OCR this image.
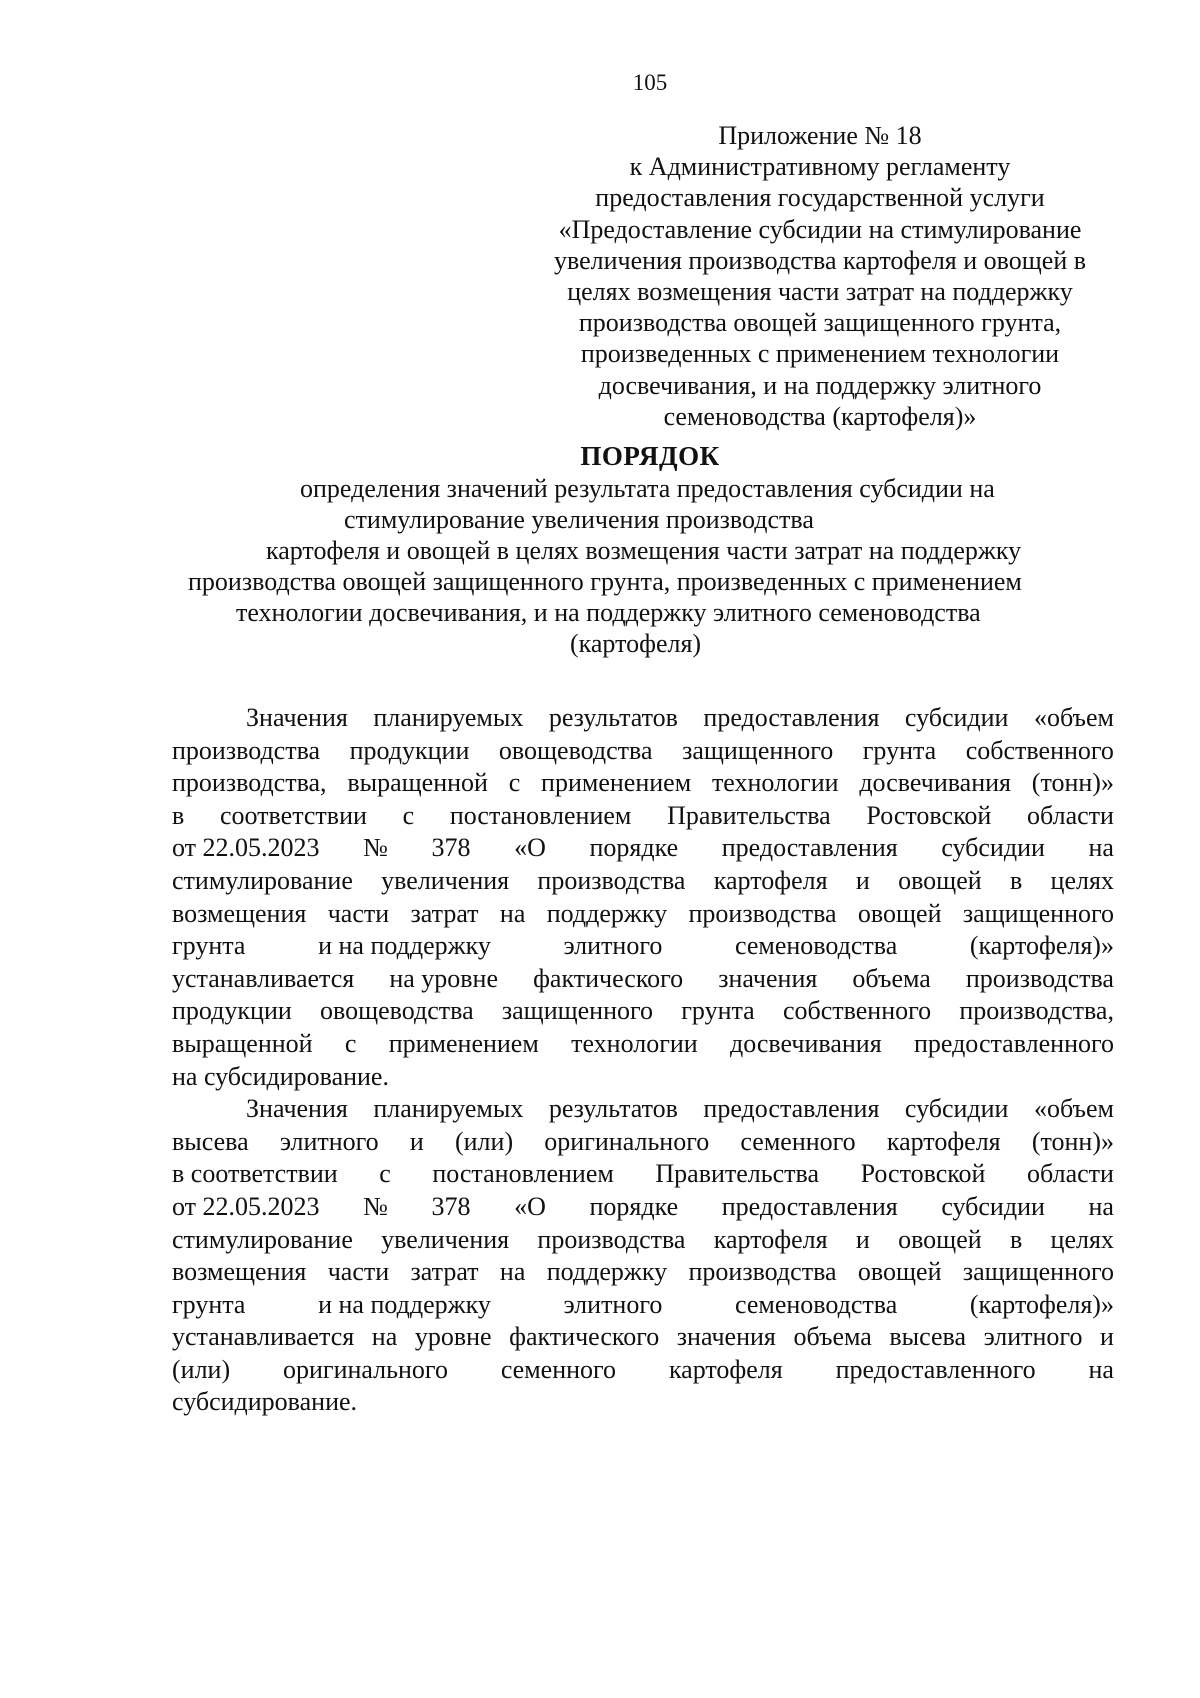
105
Приложение № 18
к Административному регламенту
предоставления государственной услуги
«Предоставление субсидии на стимулирование
увеличения производства картофеля и овощей в
целях возмещения части затрат на поддержку
производства овощей защищенного грунта,
произведенных с применением технологии
досвечивания, и на поддержку элитного
семеноводства (картофеля)»
ПОРЯДОК
определения значений результата предоставления субсидии на
стимулирование увеличения производства
картофеля и овощей в целях возмещения части затрат на поддержку
производства овощей защищенного грунта, произведенных с применением
технологии досвечивания, и на поддержку элитного семеноводства
(картофеля)
Значения планируемых результатов предоставления субсидии «объем
производства продукции овощеводства защищенного грунта собственного
производства, выращенной с применением технологии досвечивания (тонн)»
в соответствии с постановлением Правительства Ростовской области
от 22.05.2023 № 378 «О порядке предоставления субсидии на
стимулирование увеличения производства картофеля и овощей в целях
возмещения части затрат на поддержку производства овощей защищенного
грунта	и на поддержку	элитного	семеноводства	(картофеля)»
устанавливается на уровне фактического значения объема производства
продукции овощеводства защищенного грунта собственного производства,
выращенной с применением технологии досвечивания предоставленного
на субсидирование.
Значения планируемых результатов предоставления субсидии «объем
высева элитного и (или) оригинального семенного картофеля (тонн)»
в соответствии с постановлением Правительства Ростовской области
от 22.05.2023 № 378 «О порядке предоставления субсидии на
стимулирование увеличения производства картофеля и овощей в целях
возмещения части затрат на поддержку производства овощей защищенного
грунта	и на поддержку	элитного	семеноводства	(картофеля)»
устанавливается на уровне фактического значения объема высева элитного и
(или) оригинального семенного картофеля предоставленного на
субсидирование.
